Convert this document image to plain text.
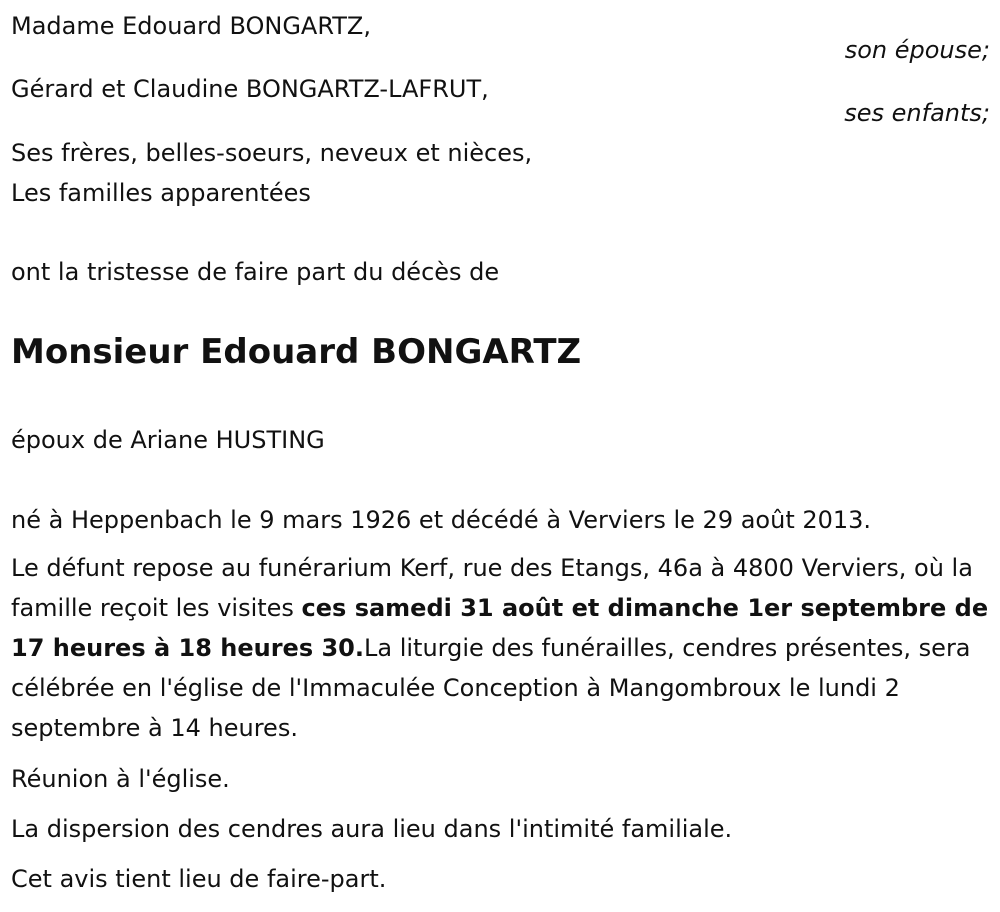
Madame Edouard BONGARTZ,
son épouse;
Gérard et Claudine BONGARTZ-LAFRUT,
ses enfants;
Ses frères, belles-soeurs, neveux et nièces,
Les familles apparentées
ont la tristesse de faire part du décès de
Monsieur Edouard BONGARTZ
époux de Ariane HUSTING
né à Heppenbach le 9 mars 1926 et décédé à Verviers le 29 août 2013.
Le défunt repose au funérarium Kerf, rue des Etangs, 46a à 4800 Verviers, où la famille reçoit les visites ces samedi 31 août et dimanche 1er septembre de 17 heures à 18 heures 30.La liturgie des funérailles, cendres présentes, sera célébrée en l'église de l'Immaculée Conception à Mangombroux le lundi 2 septembre à 14 heures.
Réunion à l'église.
La dispersion des cendres aura lieu dans l'intimité familiale.
Cet avis tient lieu de faire-part.
